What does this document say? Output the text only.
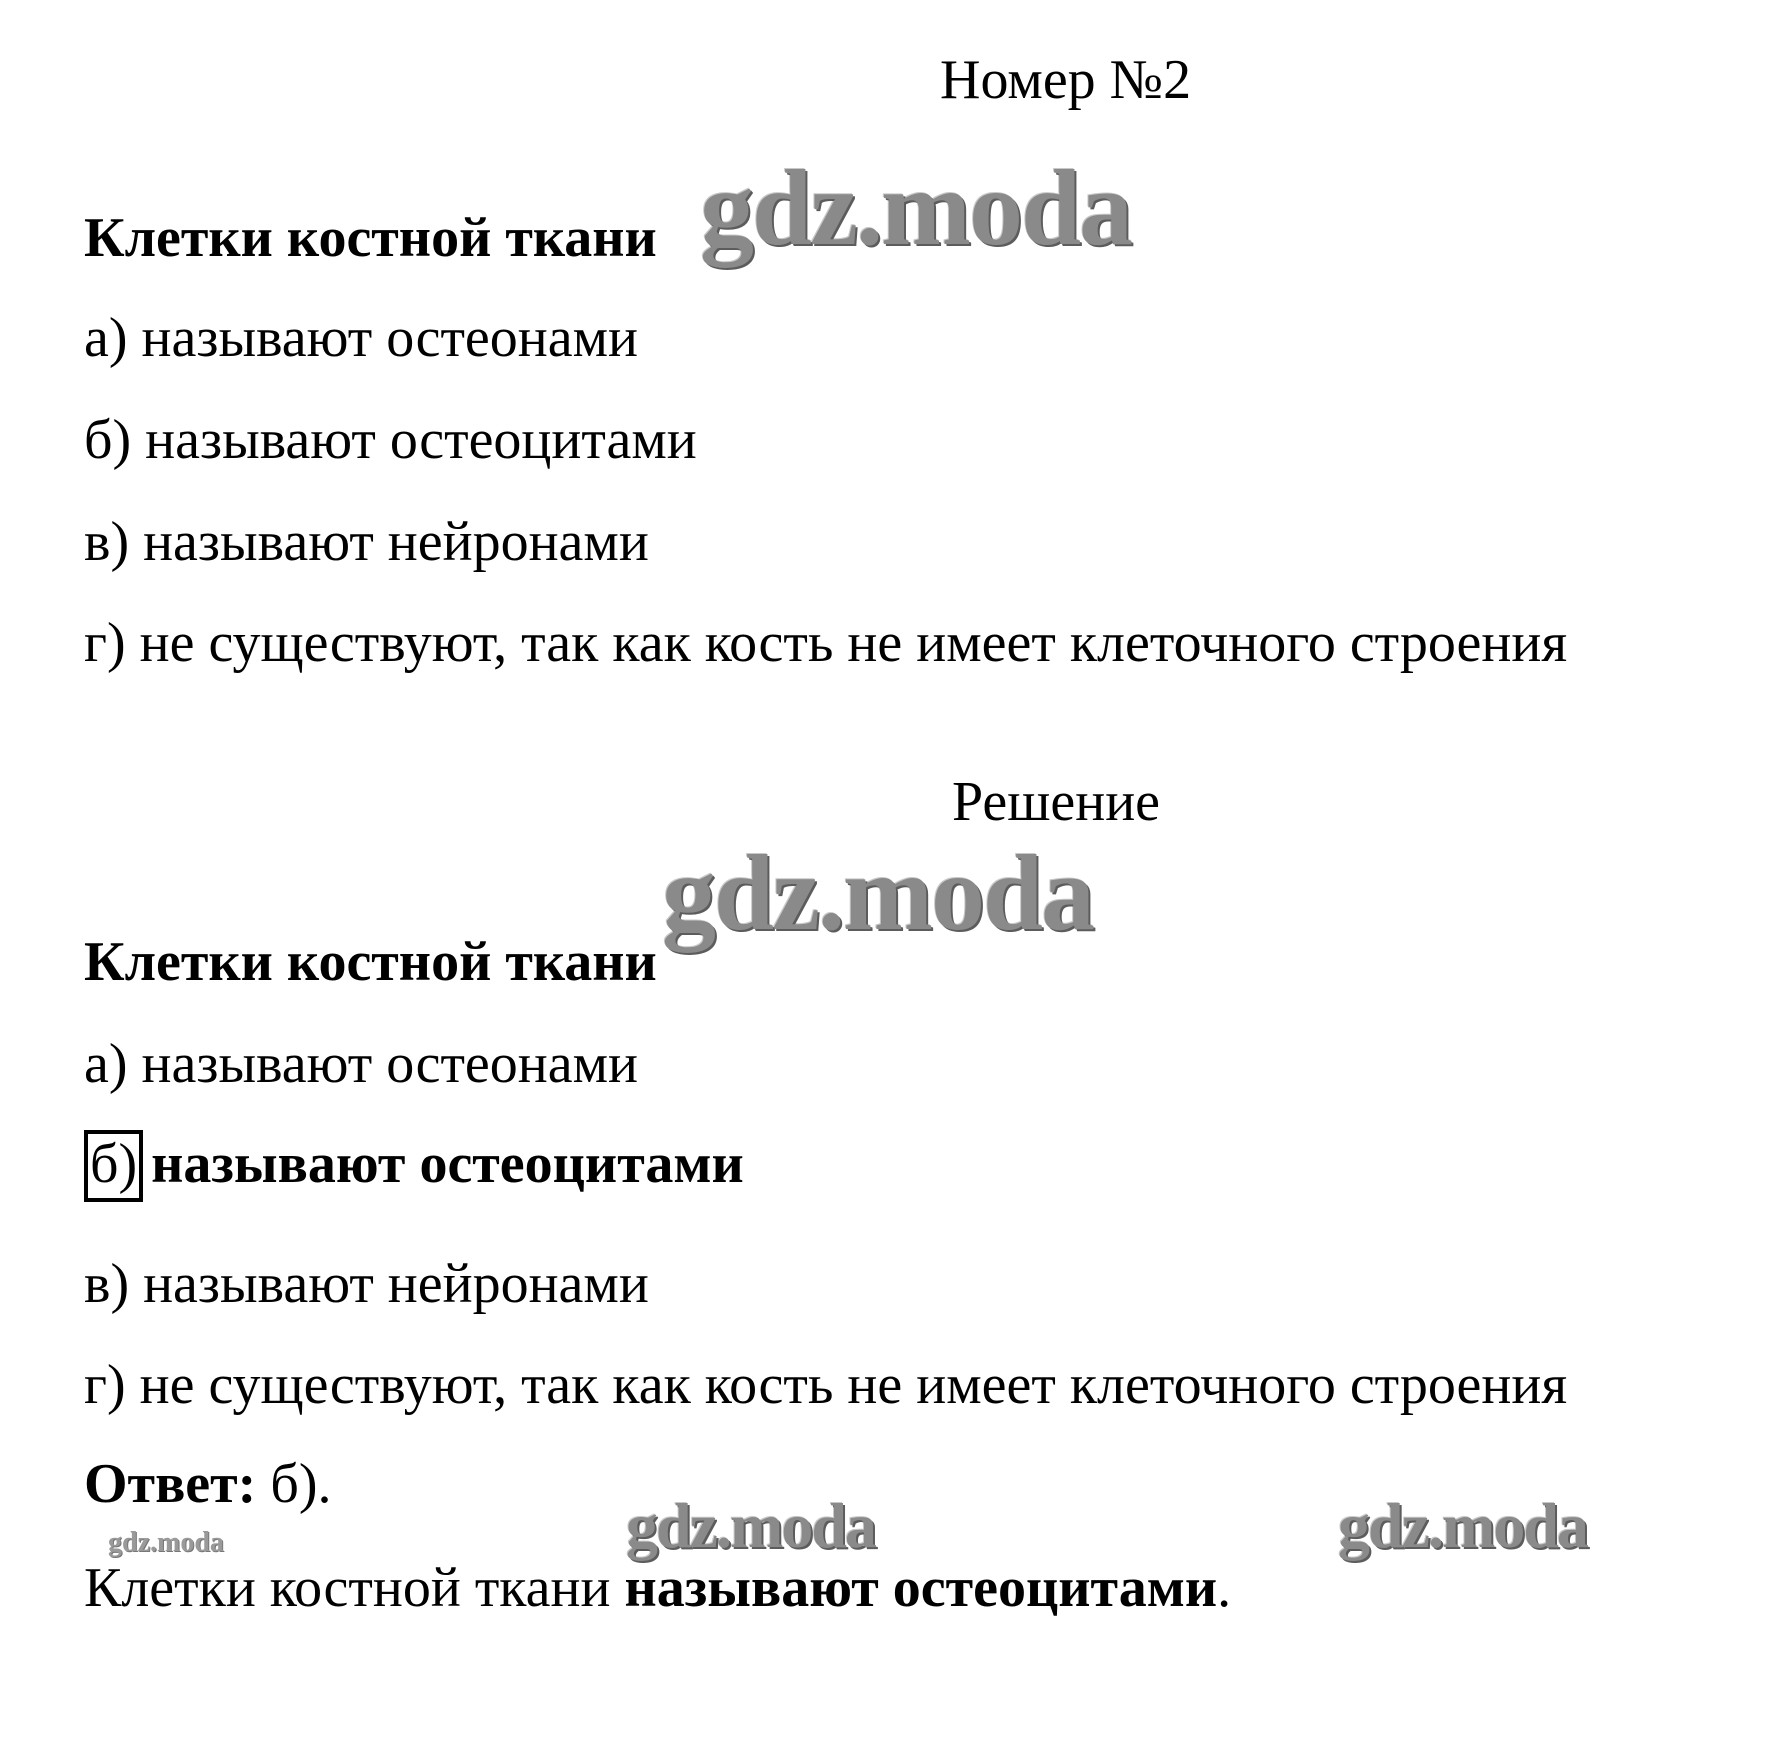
Номер №2
Клетки костной ткани
а) называют остеонами
б) называют остеоцитами
в) называют нейронами
г) не существуют, так как кость не имеет клеточного строения
Решение
Клетки костной ткани
а) называют остеонами
б) называют остеоцитами
в) называют нейронами
г) не существуют, так как кость не имеет клеточного строения
Ответ: б).
Клетки костной ткани называют остеоцитами.
gdz.moda
gdz.moda
gdz.moda	gdz.moda
gdz.moda
